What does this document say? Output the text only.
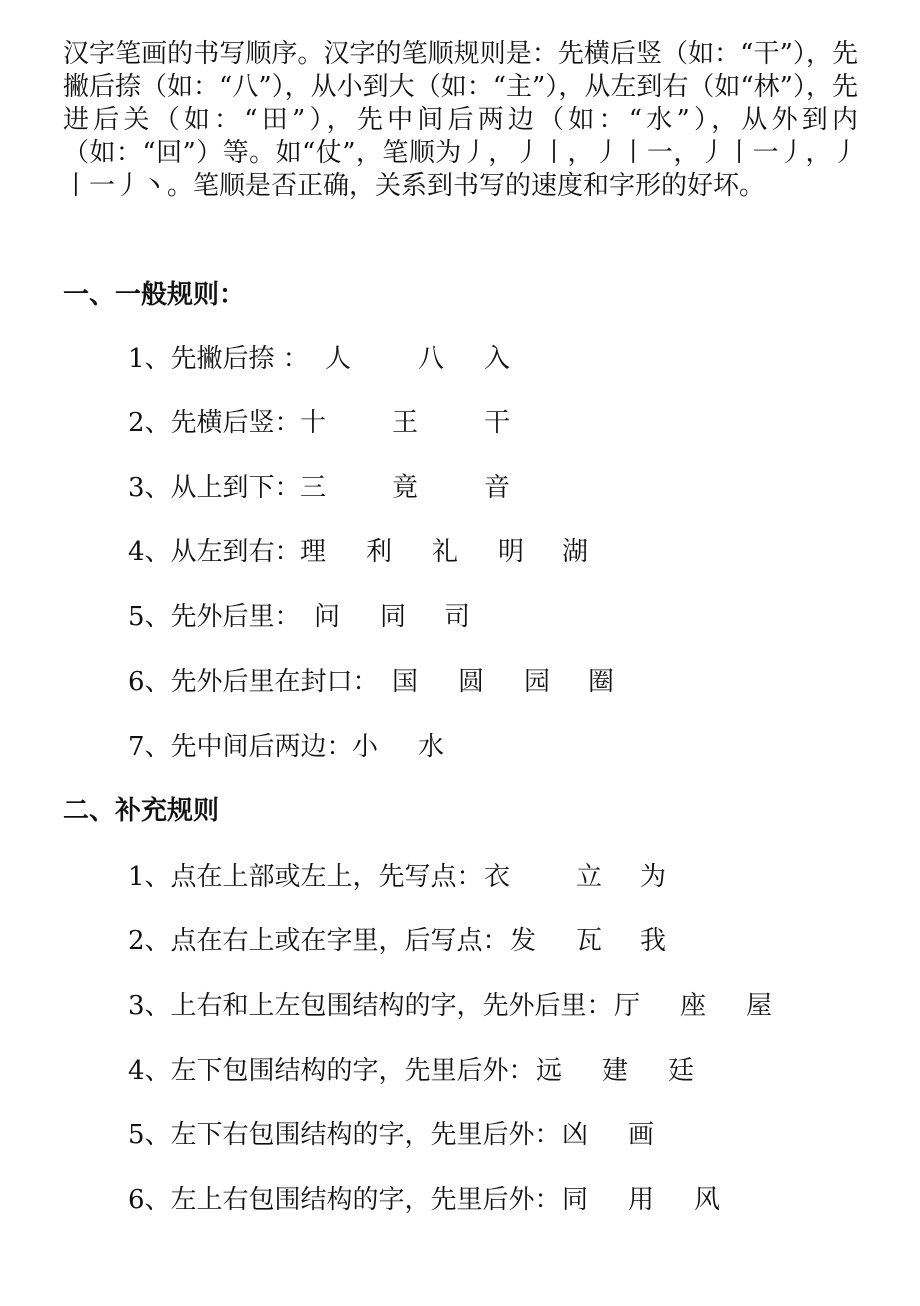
汉字笔画的书写顺序。汉字的笔顺规则是：先横后竖（如：“干”），先撇后捺（如：“八”），从小到大（如：“主”），从左到右（如“林”），先进后关（如：“田”），先中间后两边（如：“水”），从外到内（如：“回”）等。如“仗”，笔顺为丿，丿丨，丿丨一，丿丨一丿，丿丨一丿丶。笔顺是否正确，关系到书写的速度和字形的好坏。

一、一般规则：
1、先撇后捺 ： 人	八 入
2、先横后竖： 十	王	干
3、从上到下： 三	竟	音
4、从左到右： 理 利 礼 明 湖
5、先外后里： 问 同 司
6、先外后里在封口： 国 圆 园 圈
7、先中间后两边： 小 水
二、补充规则
1、点在上部或左上，先写点： 衣	立 为
2、点在右上或在字里，后写点： 发 瓦 我
3、上右和上左包围结构的字，先外后里： 厅 座 屋
4、左下包围结构的字，先里后外： 远 建 廷
5、左下右包围结构的字，先里后外： 凶 画
6、左上右包围结构的字，先里后外： 同 用 风
